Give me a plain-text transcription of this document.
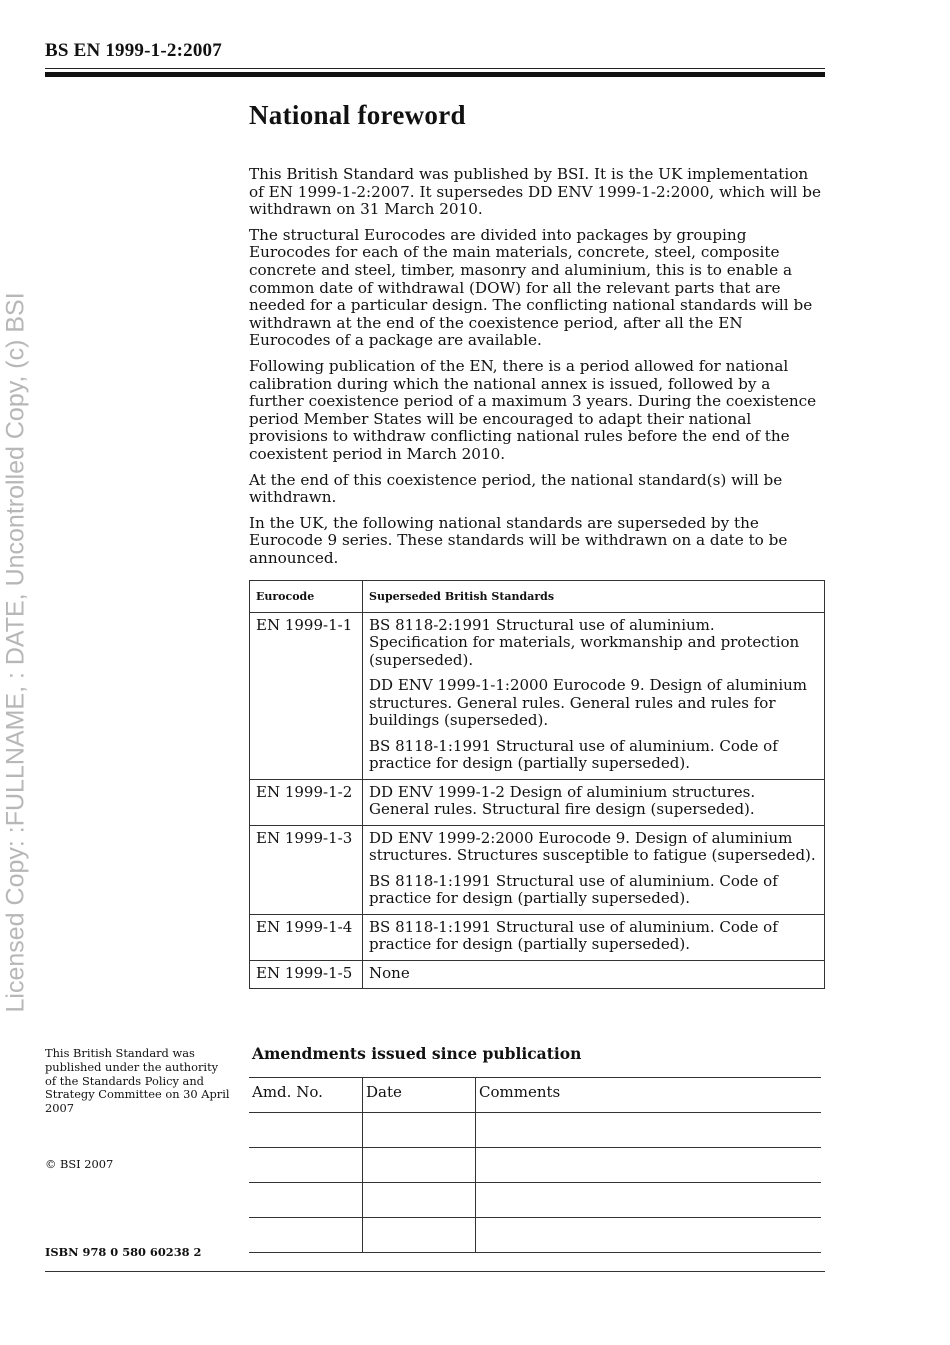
BS EN 1999-1-2:2007
Licensed Copy: :FULLNAME, : DATE, Uncontrolled Copy, (c) BSI
National foreword

This British Standard was published by BSI. It is the UK implementation of EN 1999-1-2:2007. It supersedes DD ENV 1999-1-2:2000, which will be withdrawn on 31 March 2010.

The structural Eurocodes are divided into packages by grouping Eurocodes for each of the main materials, concrete, steel, composite concrete and steel, timber, masonry and aluminium, this is to enable a common date of withdrawal (DOW) for all the relevant parts that are needed for a particular design. The conflicting national standards will be withdrawn at the end of the coexistence period, after all the EN Eurocodes of a package are available.

Following publication of the EN, there is a period allowed for national calibration during which the national annex is issued, followed by a further coexistence period of a maximum 3 years. During the coexistence period Member States will be encouraged to adapt their national provisions to withdraw conflicting national rules before the end of the coexistent period in March 2010.

At the end of this coexistence period, the national standard(s) will be withdrawn.

In the UK, the following national standards are superseded by the Eurocode 9 series. These standards will be withdrawn on a date to be announced.

Eurocode	Superseded British Standards
EN 1999-1-1	BS 8118-2:1991 Structural use of aluminium. Specification for materials, workmanship and protection (superseded).
DD ENV 1999-1-1:2000 Eurocode 9. Design of aluminium structures. General rules. General rules and rules for buildings (superseded).
BS 8118-1:1991 Structural use of aluminium. Code of practice for design (partially superseded).

EN 1999-1-2	DD ENV 1999-1-2 Design of aluminium structures. General rules. Structural fire design (superseded).

EN 1999-1-3	DD ENV 1999-2:2000 Eurocode 9. Design of aluminium structures. Structures susceptible to fatigue (superseded).
BS 8118-1:1991 Structural use of aluminium. Code of practice for design (partially superseded).

EN 1999-1-4	BS 8118-1:1991 Structural use of aluminium. Code of practice for design (partially superseded).

EN 1999-1-5	None
This British Standard was published under the authority of the Standards Policy and Strategy Committee on 30 April 2007
© BSI 2007
ISBN 978 0 580 60238 2
Amendments issued since publication
Amd. No.	Date	Comments
